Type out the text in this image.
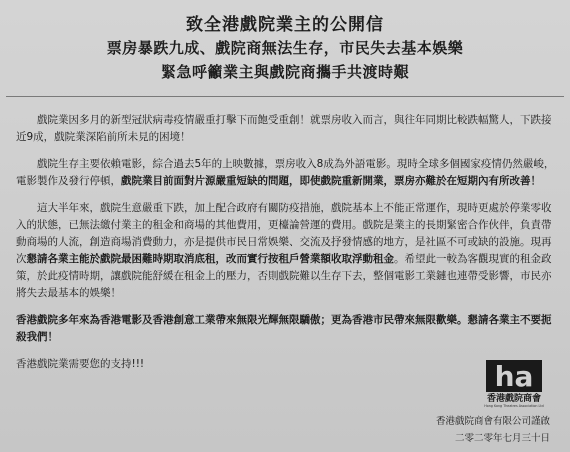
致全港戲院業主的公開信
票房暴跌九成、戲院商無法生存，市民失去基本娛樂
緊急呼籲業主與戲院商攜手共渡時艱

戲院業因多月的新型冠狀病毒疫情嚴重打擊下而飽受重創！就票房收入而言，與往年同期比較跌幅驚人，下跌接近9成，戲院業深陷前所未見的困境！

戲院生存主要依賴電影，綜合過去5年的上映數據，票房收入8成為外語電影。現時全球多個國家疫情仍然嚴峻，電影製作及發行停頓，戲院業目前面對片源嚴重短缺的問題，即使戲院重新開業，票房亦難於在短期內有所改善！

這大半年來，戲院生意嚴重下跌，加上配合政府有關防疫措施，戲院基本上不能正常運作，現時更處於停業零收入的狀態，已無法繳付業主的租金和商場的其他費用，更檯論營運的費用。戲院是業主的長期緊密合作伙伴，負責帶動商場的人流，創造商場消費動力，亦是提供市民日常娛樂、交流及抒發情感的地方，是社區不可或缺的設施。現再次懇請各業主能於戲院最困難時期取消底租，改而實行按租戶營業額收取浮動租金。希望此一較為客觀現實的租金政策，於此疫情時期，讓戲院能舒緩在租金上的壓力，否則戲院難以生存下去，整個電影工業鏈也連帶受影響，市民亦將失去最基本的娛樂！

香港戲院多年來為香港電影及香港創意工業帶來無限光輝無限驕傲；更為香港市民帶來無限歡樂。懇請各業主不要扼殺我們！

香港戲院業需要您的支持!!!	ha
香港戲院商會
Hong Kong Theatres Association Ltd
香港戲院商會有限公司謹啟
二零二零年七月三十日
